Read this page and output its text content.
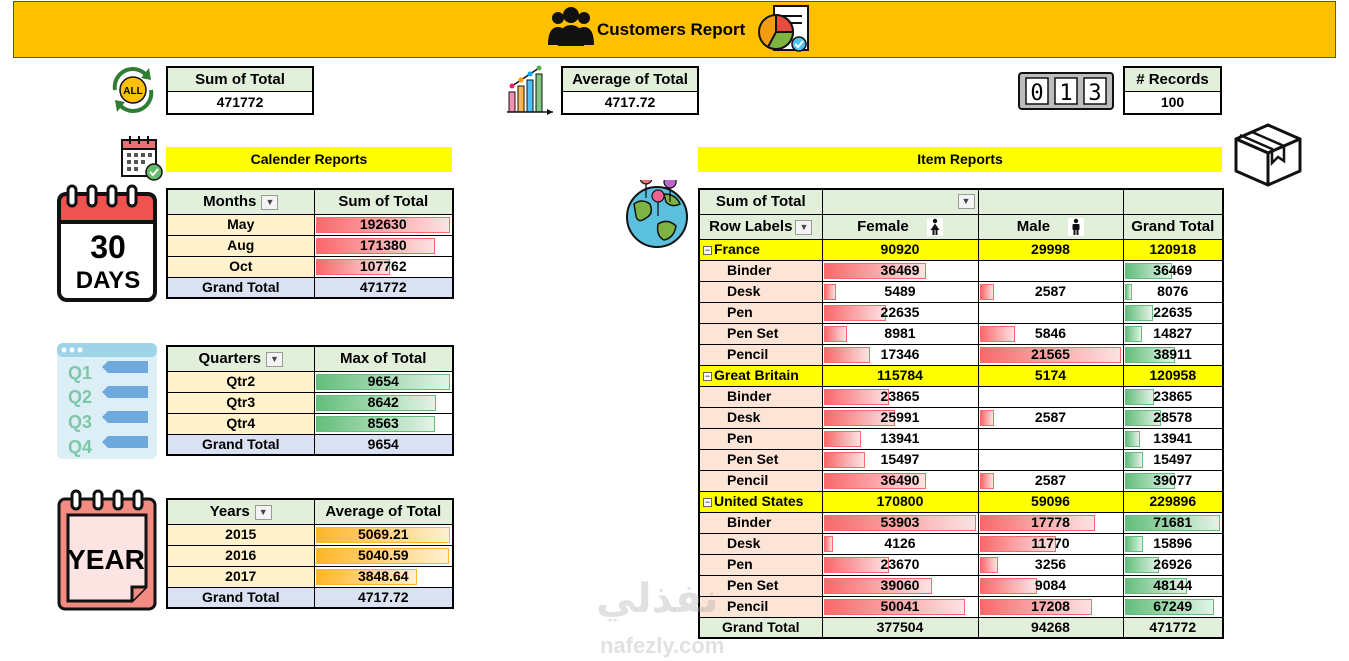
Customers Report
ALL
Sum of Total
471772
Average of Total
4717.72	0 1 3
# Records
100
Calender Reports	Item Reports
30
DAYS
Q1
Q2
Q3
Q4
YEAR
Months ▼	Sum of Total
May	192630
Aug	171380
Oct	107762
Grand Total	471772
Quarters ▼	Max of Total
Qtr2	9654
Qtr3	8642
Qtr4	8563
Grand Total	9654
Years ▼	Average of Total
2015	5069.21
2016	5040.59
2017	3848.64
Grand Total	4717.72
Sum of Total	▼		

Row Labels ▼	Female	Male	Grand Total
− France	90920	29998	120918
Binder	36469		36469
Desk	5489	2587	8076
Pen	22635		22635
Pen Set	8981	5846	14827
Pencil	17346	21565	38911
− Great Britain	115784	5174	120958
Binder	23865		23865
Desk	25991	2587	28578
Pen	13941		13941
Pen Set	15497		15497
Pencil	36490	2587	39077
− United States	170800	59096	229896
Binder	53903	17778	71681
Desk	4126	11770	15896
Pen	23670	3256	26926
Pen Set	39060	9084	48144
Pencil	50041	17208	67249
Grand Total	377504	94268	471772
نفذلي
nafezly.com
